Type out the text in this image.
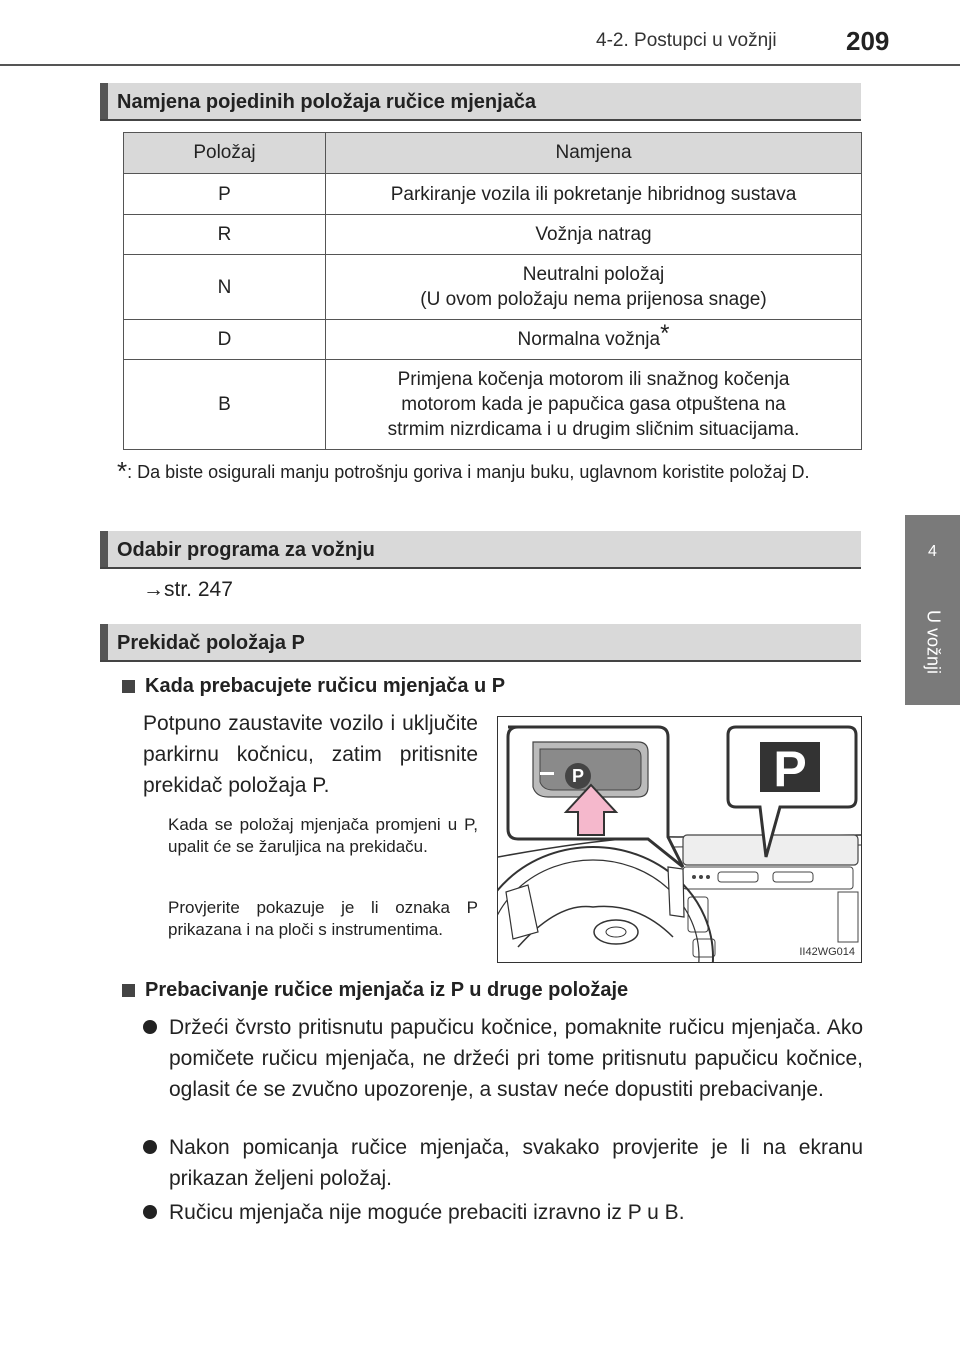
4-2. Postupci u vožnji	209
4
U vožnji
Namjena pojedinih položaja ručice mjenjača
Položaj	Namjena
P	Parkiranje vozila ili pokretanje hibridnog sustava
R	Vožnja natrag
N	Neutralni položaj
(U ovom položaju nema prijenosa snage)
D	Normalna vožnja*
B	Primjena kočenja motorom ili snažnog kočenja
motorom kada je papučica gasa otpuštena na
strmim nizrdicama i u drugim sličnim situacijama.
*: Da biste osigurali manju potrošnju goriva i manju buku, uglavnom koristite položaj D.
Odabir programa za vožnju
→str. 247
Prekidač položaja P
Kada prebacujete ručicu mjenjača u P
Potpuno zaustavite vozilo i uključite parkirnu kočnicu, zatim pritisnite prekidač položaja P.
Kada se položaj mjenjača promjeni u P, upalit će se žaruljica na prekidaču.
Provjerite pokazuje je li oznaka P prikazana i na ploči s instrumentima.
P	P
II42WG014
Prebacivanje ručice mjenjača iz P u druge položaje
Držeći čvrsto pritisnutu papučicu kočnice, pomaknite ručicu mjenjača. Ako pomičete ručicu mjenjača, ne držeći pri tome pritisnutu papučicu kočnice, oglasit će se zvučno upozorenje, a sustav neće dopustiti prebacivanje.
Nakon pomicanja ručice mjenjača, svakako provjerite je li na ekranu prikazan željeni položaj.
Ručicu mjenjača nije moguće prebaciti izravno iz P u B.
